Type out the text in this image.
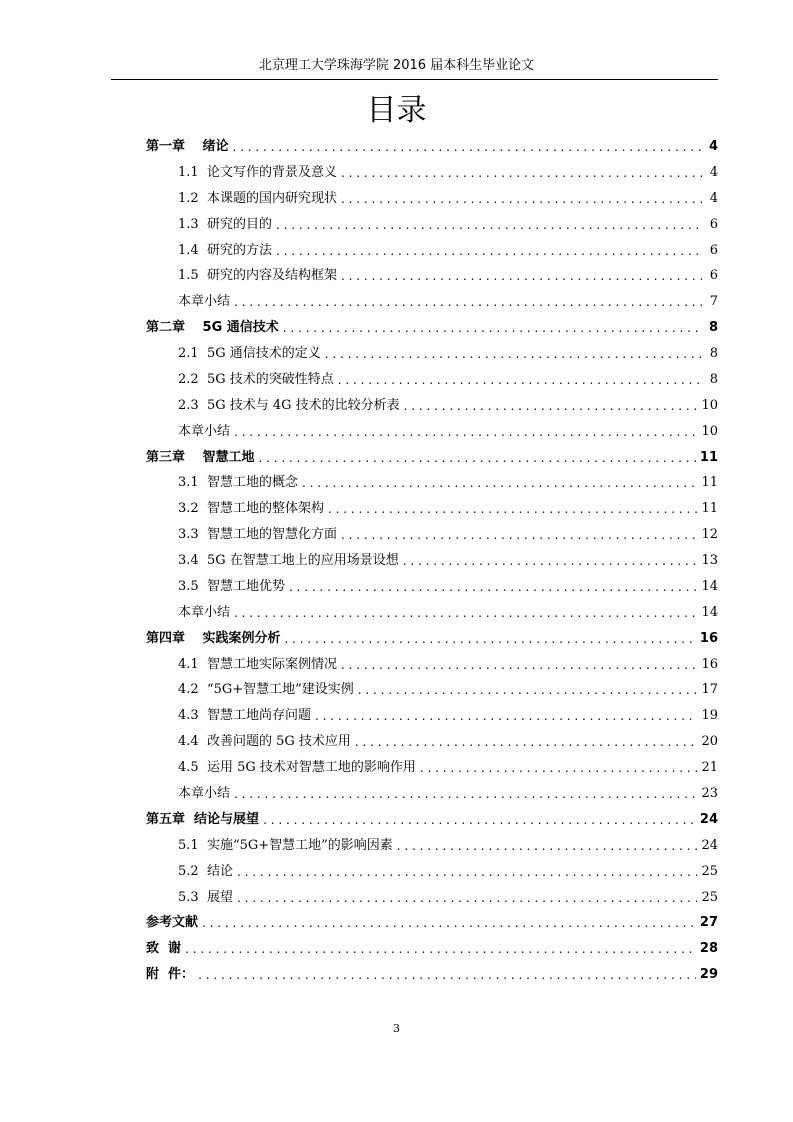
北京理工大学珠海学院 2016 届本科生毕业论文
目录
第一章　 绪论 . . .	4
1.1  论文写作的背景及意义 . . .	4
1.2  本课题的国内研究现状 . . .	4
1.3  研究的目的 . . .	6
1.4  研究的方法 . . .	6
1.5  研究的内容及结构框架 . . .	6
本章小结 . . .	7
第二章　 5G 通信技术 . . .	8
2.1  5G 通信技术的定义 . . .	8
2.2  5G 技术的突破性特点 . . .	8
2.3  5G 技术与 4G 技术的比较分析表 . . .	10
本章小结 . . .	10
第三章　 智慧工地 . . .	11
3.1  智慧工地的概念 . . .	11
3.2  智慧工地的整体架构 . . .	11
3.3  智慧工地的智慧化方面 . . .	12
3.4  5G 在智慧工地上的应用场景设想 . . .	13
3.5  智慧工地优势 . . .	14
本章小结 . . .	14
第四章　 实践案例分析 . . .	16
4.1  智慧工地实际案例情况 . . .	16
4.2  “5G+智慧工地”建设实例 . . .	17
4.3  智慧工地尚存问题 . . .	19
4.4  改善问题的 5G 技术应用 . . .	20
4.5  运用 5G 技术对智慧工地的影响作用 . . .	21
本章小结 . . .	23
第五章  结论与展望 . . .	24
5.1  实施“5G+智慧工地”的影响因素 . . .	24
5.2  结论 . . .	25
5.3  展望 . . .	25
参考文献 . . .	27
致  谢 . . .	28
附  件： . . .	29
3
